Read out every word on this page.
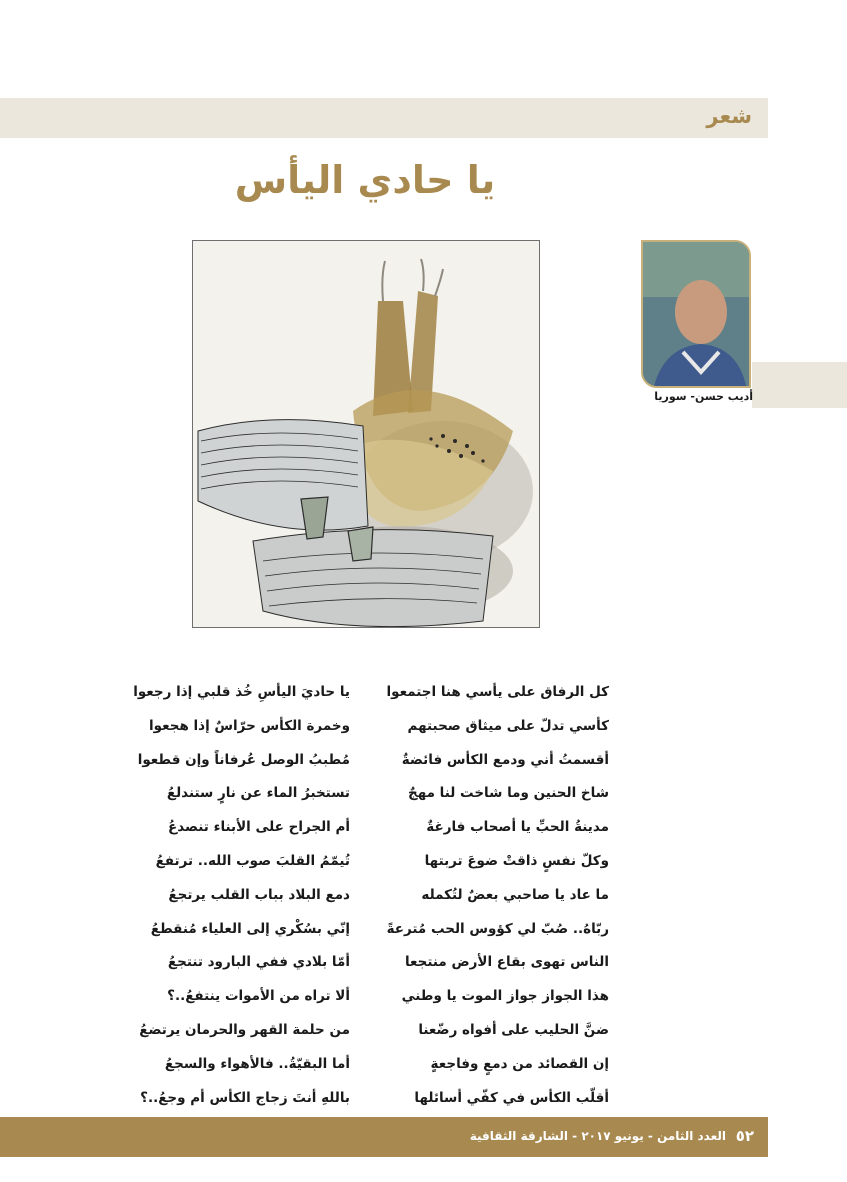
شعر
يا حادي اليأس
أديب حسن- سوريا
كل الرفاق على يأسي هنا اجتمعوا
كأسي تدلّ على ميثاق صحبتهم
أقسمتُ أني ودمع الكأس فائضةٌ
شاخ الحنين وما شاخت لنا مهجٌ
مدينةُ الحبِّ يا أصحاب فارغةٌ
وكلّ نفسٍ ذاقتْ ضوعَ تربتها
ما عاد يا صاحبي بعضٌ لتُكمله
ربّاهُ.. صُبّ لي كؤوس الحب مُترعةً
الناس تهوى بقاع الأرض منتجعا
هذا الجواز جواز الموت يا وطني
ضنَّ الحليب على أفواه رضّعنا
إن القصائد من دمعٍ وفاجعةٍ
أقلّب الكأس في كفّي أسائلها
يا حاديَ اليأسِ خُذ قلبي إذا رجعوا
وخمرة الكأس حرّاسٌ إذا هجعوا
مُطببُ الوصل عُرفاناً وإن قطعوا
تستخبرُ الماء عن نارٍ ستندلعُ
أم الجراح على الأبناء تنصدعُ
تُيمّمُ القلبَ صوب الله.. ترتفعُ
دمع البلاد بباب القلب يرتجعُ
إنّي بسُكْري إلى العلياء مُنقطعُ
أمّا بلادي ففي البارود تنتجعُ
ألا تراه من الأموات ينتفعُ..؟
من حلمة القهر والحرمان يرتضعُ
أما البقيّةُ.. فالأهواء والسجعُ
باللهِ أنتَ زجاج الكأس أم وجعُ..؟
٥٢
العدد الثامن - يونيو ٢٠١٧ - الشارقة الثقافية
